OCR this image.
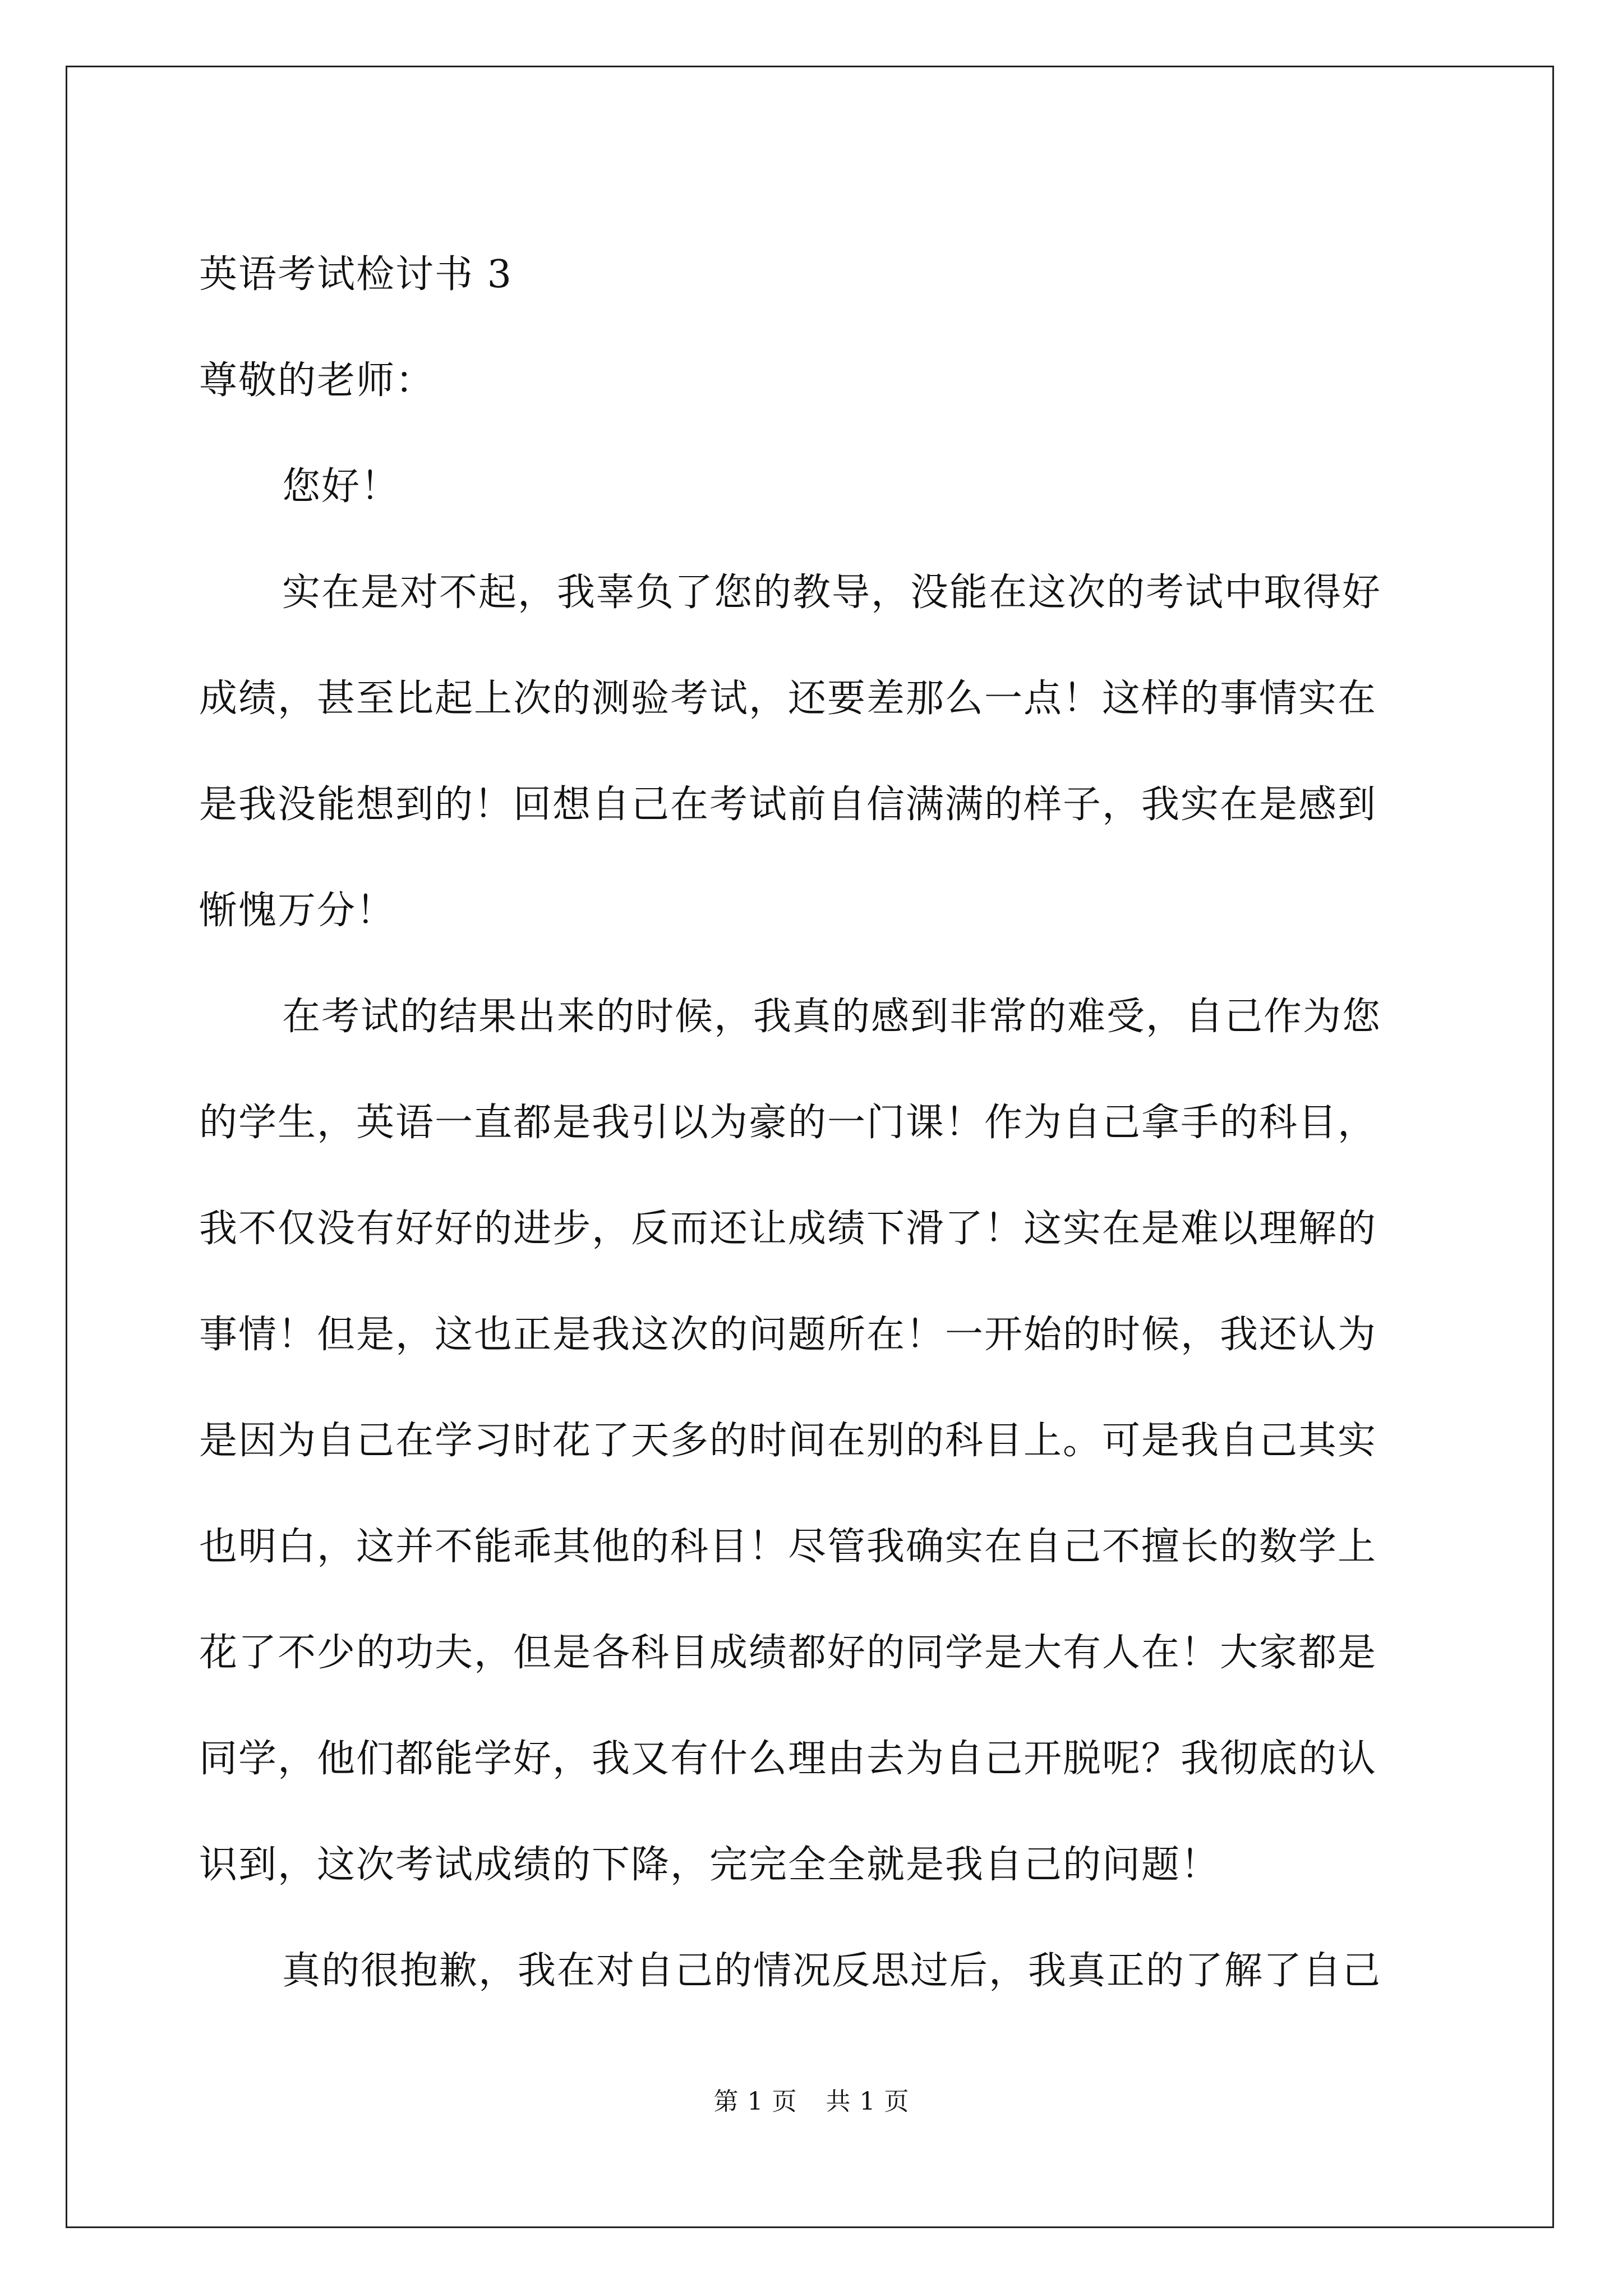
英语考试检讨书 3
尊敬的老师：
您好！
实在是对不起，我辜负了您的教导，没能在这次的考试中取得好
成绩，甚至比起上次的测验考试，还要差那么一点！这样的事情实在
是我没能想到的！回想自己在考试前自信满满的样子，我实在是感到
惭愧万分！
在考试的结果出来的时候，我真的感到非常的难受，自己作为您
的学生，英语一直都是我引以为豪的一门课！作为自己拿手的科目，
我不仅没有好好的进步，反而还让成绩下滑了！这实在是难以理解的
事情！但是，这也正是我这次的问题所在！一开始的时候，我还认为
是因为自己在学习时花了天多的时间在别的科目上。可是我自己其实
也明白，这并不能乖其他的科目！尽管我确实在自己不擅长的数学上
花了不少的功夫，但是各科目成绩都好的同学是大有人在！大家都是
同学，他们都能学好，我又有什么理由去为自己开脱呢？我彻底的认
识到，这次考试成绩的下降，完完全全就是我自己的问题！
真的很抱歉，我在对自己的情况反思过后，我真正的了解了自己
第 1 页 共 1 页
